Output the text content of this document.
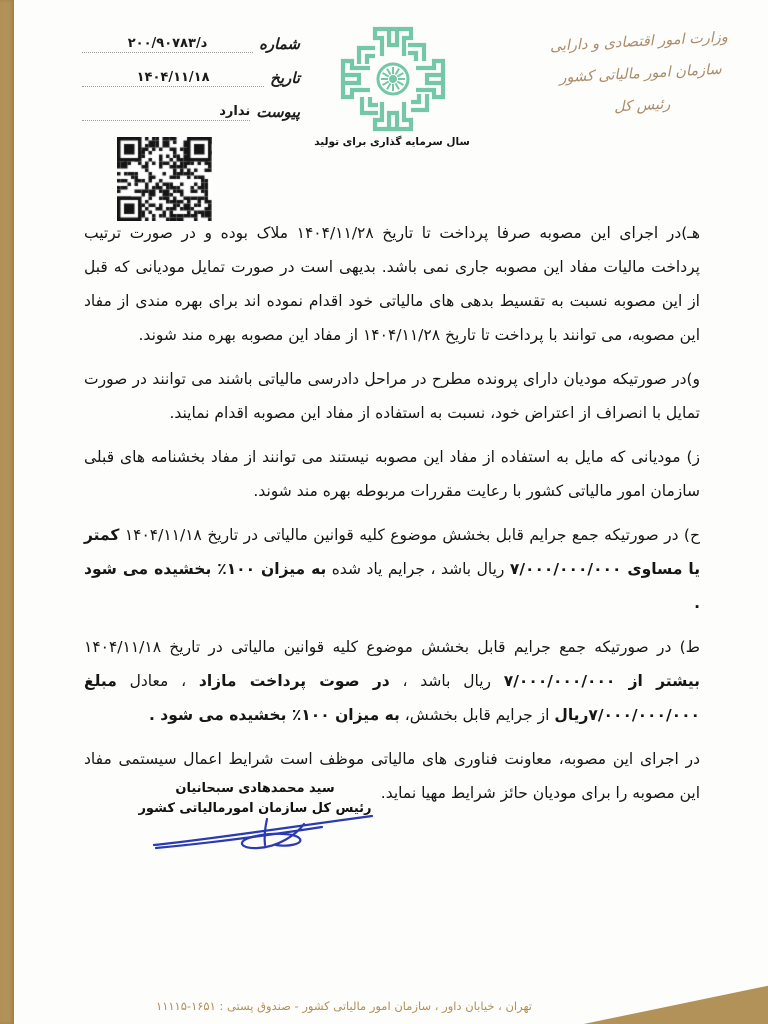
وزارت امور اقتصادی و دارایی
سازمان امور مالیاتی کشور
رئیس کل
سال سرمایه گذاری برای تولید
شماره
د/۲۰۰/۹۰۷۸۳
تاریخ
۱۴۰۴/۱۱/۱۸
پیوست
ندارد

هـ)در اجرای این مصوبه صرفا پرداخت تا تاریخ ۱۴۰۴/۱۱/۲۸ ملاک بوده و در صورت ترتیب پرداخت مالیات مفاد این مصوبه جاری نمی باشد. بدیهی است در صورت تمایل مودیانی که قبل از این مصوبه نسبت به تقسیط بدهی های مالیاتی خود اقدام نموده اند برای بهره مندی از مفاد این مصوبه، می توانند با پرداخت تا تاریخ ۱۴۰۴/۱۱/۲۸ از مفاد این مصوبه بهره مند شوند.

و)در صورتیکه مودیان دارای پرونده مطرح در مراحل دادرسی مالیاتی باشند می توانند در صورت تمایل با انصراف از اعتراض خود، نسبت به استفاده از مفاد این مصوبه اقدام نمایند.

ز) مودیانی که مایل به استفاده از مفاد این مصوبه نیستند می توانند از مفاد بخشنامه های قبلی سازمان امور مالیاتی کشور با رعایت مقررات مربوطه بهره مند شوند.

ح) در صورتیکه جمع جرایم قابل بخشش موضوع کلیه قوانین مالیاتی در تاریخ ۱۴۰۴/۱۱/۱۸ کمتر یا مساوی ۷/۰۰۰/۰۰۰/۰۰۰ ریال باشد ، جرایم یاد شده به میزان ٪۱۰۰ بخشیده می شود .

ط) در صورتیکه جمع جرایم قابل بخشش موضوع کلیه قوانین مالیاتی در تاریخ ۱۴۰۴/۱۱/۱۸ بیشتر از ۷/۰۰۰/۰۰۰/۰۰۰ ریال باشد ، در صوت پرداخت مازاد ، معادل مبلغ ۷/۰۰۰/۰۰۰/۰۰۰ریال از جرایم قابل بخشش، به میزان ٪۱۰۰ بخشیده می شود .

در اجرای این مصوبه، معاونت فناوری های مالیاتی موظف است شرایط اعمال سیستمی مفاد این مصوبه را برای مودیان حائز شرایط مهیا نماید.

سید محمدهادی سبحانیان
رئیس کل سازمان امورمالیاتی کشور
تهران ، خیابان داور ، سازمان امور مالیاتی کشور - صندوق پستی : ۱۱۱۱۵-۱۶۵۱
